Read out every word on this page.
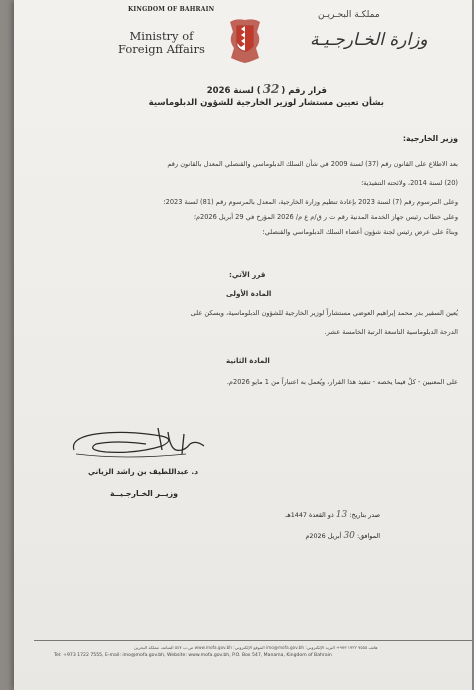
KINGDOM OF BAHRAIN
Ministry of
Foreign Affairs
مملكـة البحـريـن
وزارة الخـارجـيـة
قرار رقم (32) لسنة 2026
بشأن تعيين مستشار لوزير الخارجية للشؤون الدبلوماسية
وزير الخارجية:
بعد الاطلاع على القانون رقم (37) لسنة 2009 في شأن السلك الدبلوماسي والقنصلي المعدل بالقانون رقم
(20) لسنة 2014، ولائحته التنفيذية؛
وعلى المرسوم رقم (7) لسنة 2023 بإعادة تنظيم وزارة الخارجية، المعدل بالمرسوم رقم (81) لسنة 2023؛
وعلى خطاب رئيس جهاز الخدمة المدنية رقم ت ر ق/م ع م/ 2026 المؤرخ في 29 أبريل 2026م؛
وبناءً على عرض رئيس لجنة شؤون أعضاء السلك الدبلوماسي والقنصلي؛
قرر الآتي:
المادة الأولى
يُعين السفير بدر محمد إبراهيم العوضي مستشاراً لوزير الخارجية للشؤون الدبلوماسية، ويسكن على
الدرجة الدبلوماسية التاسعة الرتبة الخامسة عشر.
المادة الثانية
على المعنيين - كلٌ فيما يخصه - تنفيذ هذا القرار، ويُعمل به اعتباراً من 1 مايو 2026م.
د. عبداللطيف بن راشد الزياني
وزيــر الخـارجـيــة
صدر بتاريخ: 13 ذو القعدة 1447هـ
الموافق: 30 أبريل 2026م
هاتف ٧٥٥٥ ١٧٢٢ ٩٧٣+ البريد الإلكتروني: imo@mofa.gov.bh الموقع الإلكتروني: www.mofa.gov.bh ص.ب ٥٤٧ المنامة، مملكة البحرين
Tel: +973 1722 7555, E-mail: imo@mofa.gov.bh, Website: www.mofa.gov.bh, P.O. Box 547, Manama, Kingdom of Bahrain
